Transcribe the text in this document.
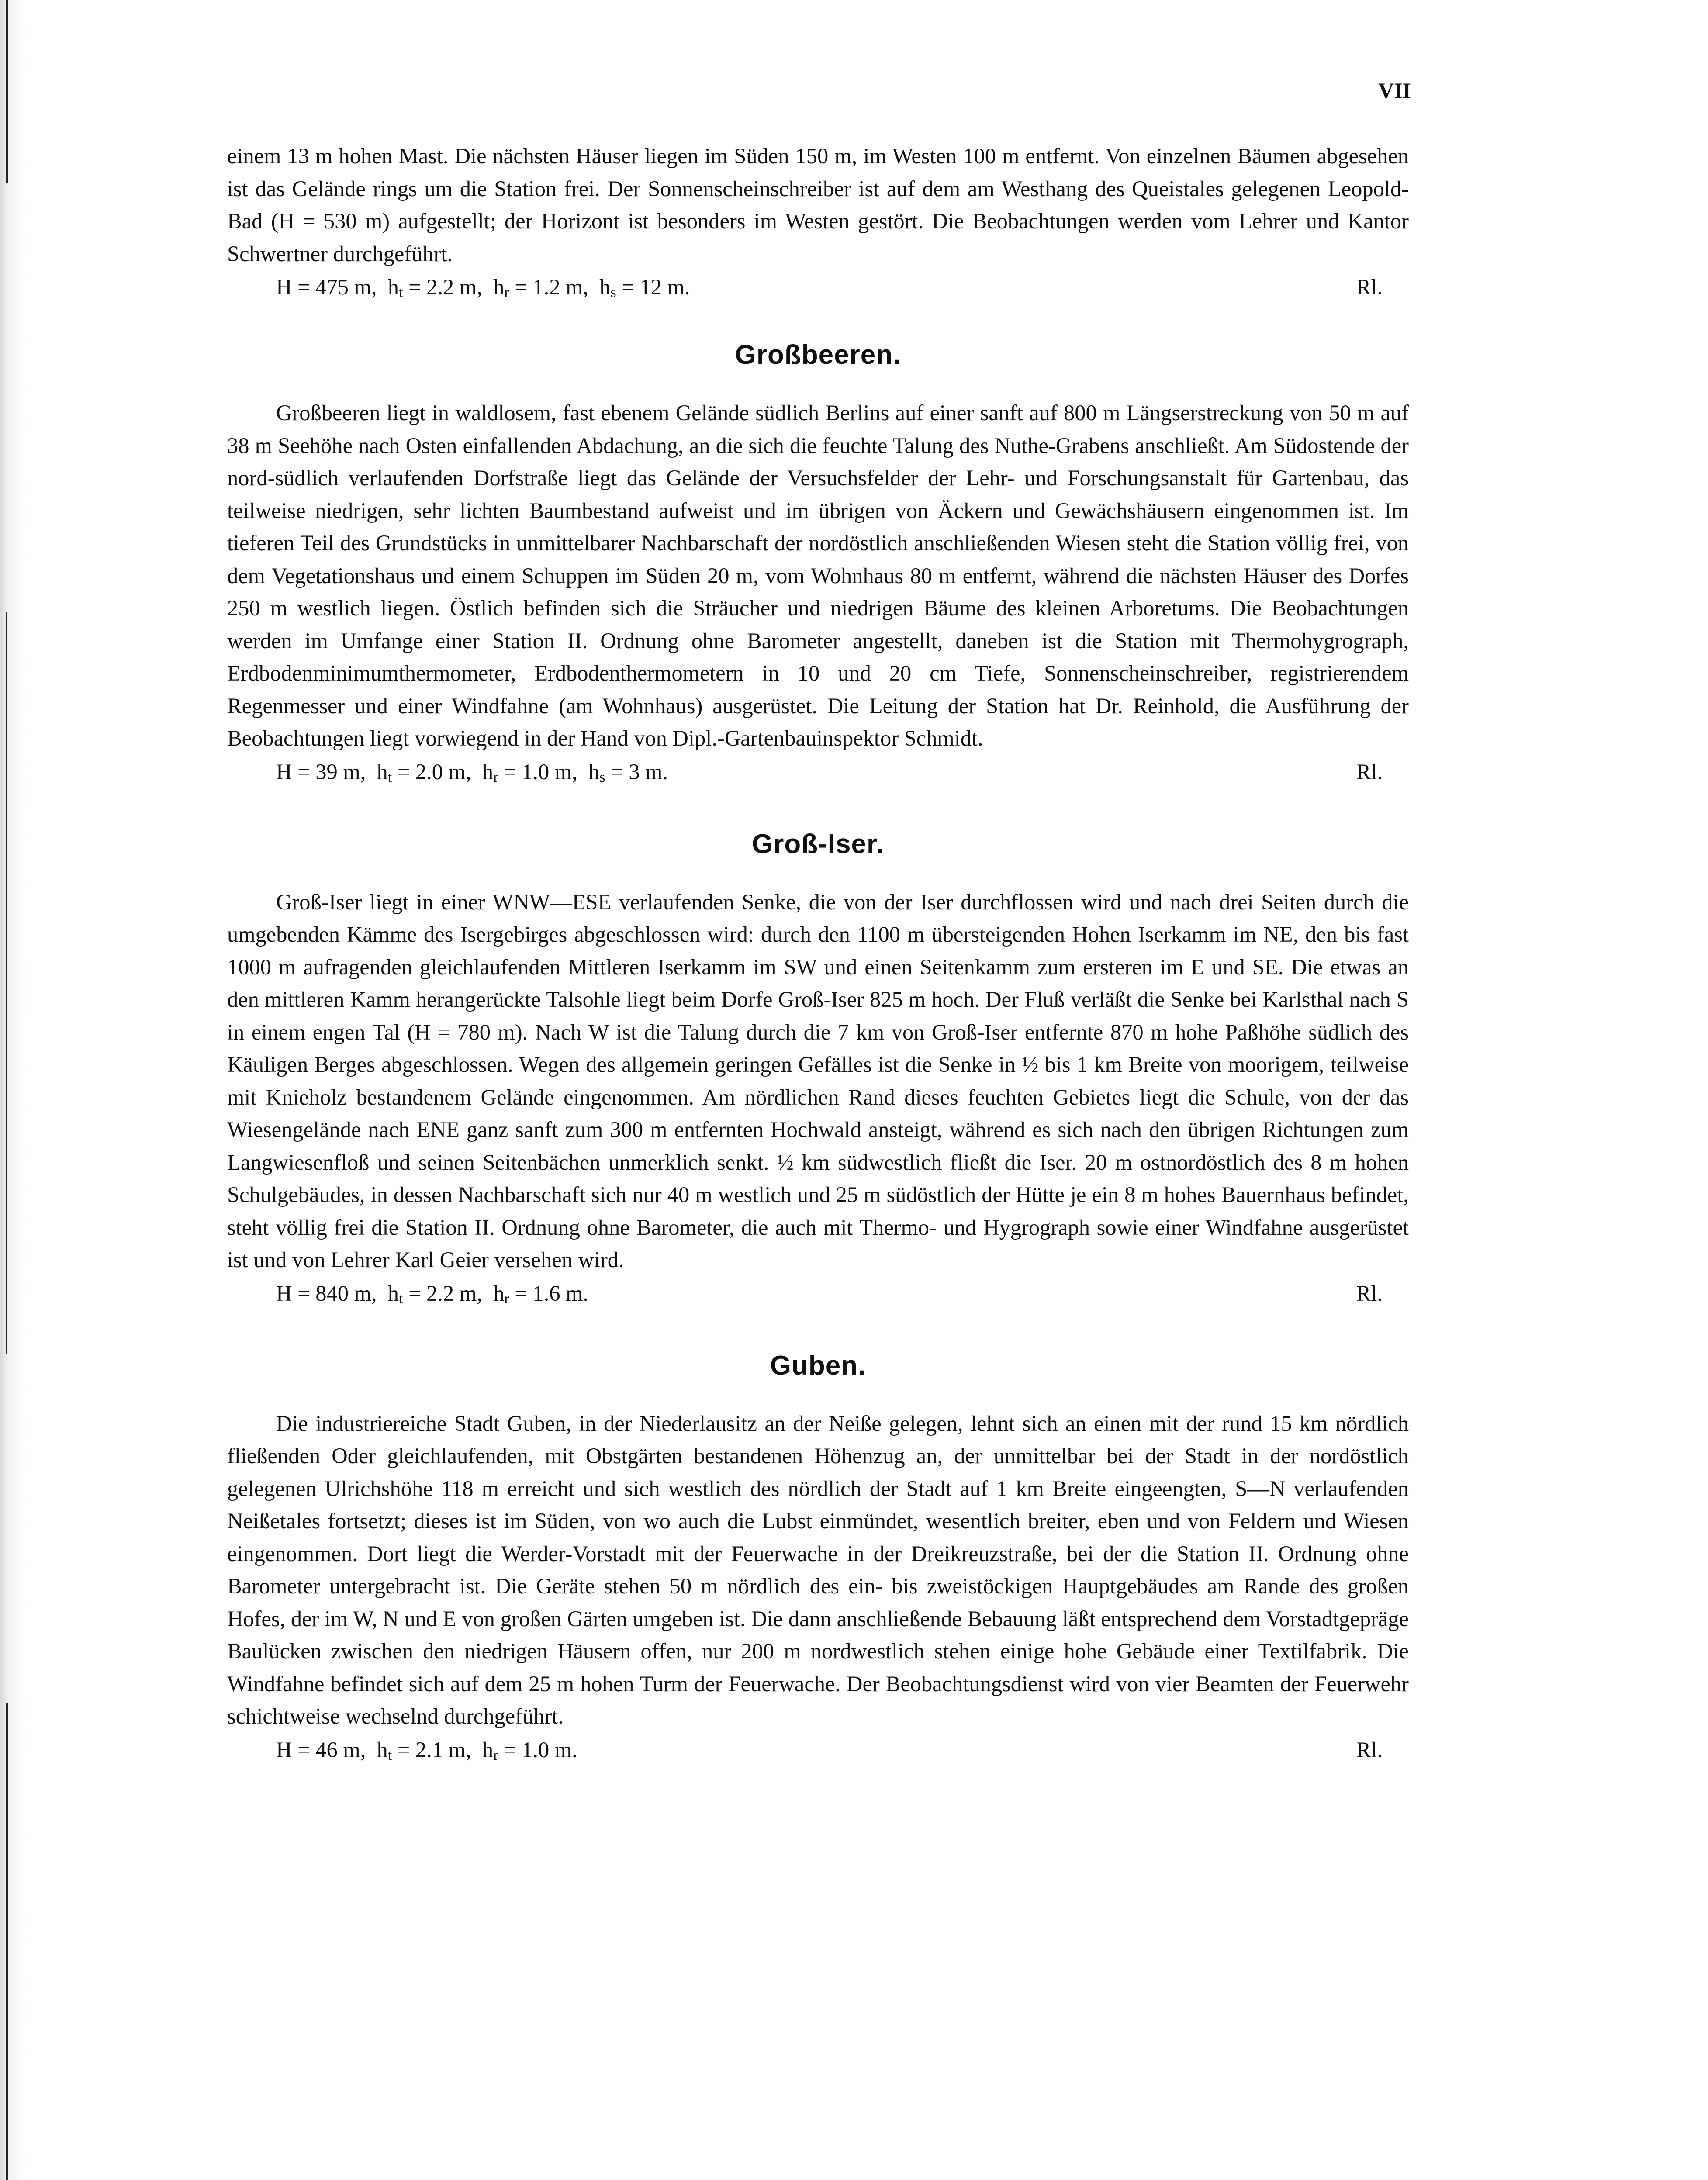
VII

einem 13 m hohen Mast. Die nächsten Häuser liegen im Süden 150 m, im Westen 100 m entfernt. Von einzelnen Bäumen abgesehen ist das Gelände rings um die Station frei. Der Sonnenscheinschreiber ist auf dem am Westhang des Queistales gelegenen Leopold-Bad (H = 530 m) aufgestellt; der Horizont ist besonders im Westen gestört. Die Beobachtungen werden vom Lehrer und Kantor Schwertner durchgeführt.

H = 475 m, $h_t = 2.2$ m, $h_r = 1.2$ m, $h_s = 12$ m.	Rl.
Großbeeren.

Großbeeren liegt in waldlosem, fast ebenem Gelände südlich Berlins auf einer sanft auf 800 m Längserstreckung von 50 m auf 38 m Seehöhe nach Osten einfallenden Abdachung, an die sich die feuchte Talung des Nuthe-Grabens anschließt. Am Südostende der nord-südlich verlaufenden Dorfstraße liegt das Gelände der Versuchsfelder der Lehr- und Forschungsanstalt für Gartenbau, das teilweise niedrigen, sehr lichten Baumbestand aufweist und im übrigen von Äckern und Gewächshäusern eingenommen ist. Im tieferen Teil des Grundstücks in unmittelbarer Nachbarschaft der nordöstlich anschließenden Wiesen steht die Station völlig frei, von dem Vegetationshaus und einem Schuppen im Süden 20 m, vom Wohnhaus 80 m entfernt, während die nächsten Häuser des Dorfes 250 m westlich liegen. Östlich befinden sich die Sträucher und niedrigen Bäume des kleinen Arboretums. Die Beobachtungen werden im Umfange einer Station II. Ordnung ohne Barometer angestellt, daneben ist die Station mit Thermohygrograph, Erdbodenminimumthermometer, Erdbodenthermometern in 10 und 20 cm Tiefe, Sonnenscheinschreiber, registrierendem Regenmesser und einer Windfahne (am Wohnhaus) ausgerüstet. Die Leitung der Station hat Dr. Reinhold, die Ausführung der Beobachtungen liegt vorwiegend in der Hand von Dipl.-Gartenbauinspektor Schmidt.

H = 39 m, $h_t = 2.0$ m, $h_r = 1.0$ m, $h_s = 3$ m.	Rl.
Groß-Iser.

Groß-Iser liegt in einer WNW—ESE verlaufenden Senke, die von der Iser durchflossen wird und nach drei Seiten durch die umgebenden Kämme des Isergebirges abgeschlossen wird: durch den 1100 m übersteigenden Hohen Iserkamm im NE, den bis fast 1000 m aufragenden gleichlaufenden Mittleren Iserkamm im SW und einen Seitenkamm zum ersteren im E und SE. Die etwas an den mittleren Kamm herangerückte Talsohle liegt beim Dorfe Groß-Iser 825 m hoch. Der Fluß verläßt die Senke bei Karlsthal nach S in einem engen Tal (H = 780 m). Nach W ist die Talung durch die 7 km von Groß-Iser entfernte 870 m hohe Paßhöhe südlich des Käuligen Berges abgeschlossen. Wegen des allgemein geringen Gefälles ist die Senke in ½ bis 1 km Breite von moorigem, teilweise mit Knieholz bestandenem Gelände eingenommen. Am nördlichen Rand dieses feuchten Gebietes liegt die Schule, von der das Wiesengelände nach ENE ganz sanft zum 300 m entfernten Hochwald ansteigt, während es sich nach den übrigen Richtungen zum Langwiesenfloß und seinen Seitenbächen unmerklich senkt. ½ km südwestlich fließt die Iser. 20 m ostnordöstlich des 8 m hohen Schulgebäudes, in dessen Nachbarschaft sich nur 40 m westlich und 25 m südöstlich der Hütte je ein 8 m hohes Bauernhaus befindet, steht völlig frei die Station II. Ordnung ohne Barometer, die auch mit Thermo- und Hygrograph sowie einer Windfahne ausgerüstet ist und von Lehrer Karl Geier versehen wird.

H = 840 m, $h_t = 2.2$ m, $h_r = 1.6$ m.	Rl.
Guben.

Die industriereiche Stadt Guben, in der Niederlausitz an der Neiße gelegen, lehnt sich an einen mit der rund 15 km nördlich fließenden Oder gleichlaufenden, mit Obstgärten bestandenen Höhenzug an, der unmittelbar bei der Stadt in der nordöstlich gelegenen Ulrichshöhe 118 m erreicht und sich westlich des nördlich der Stadt auf 1 km Breite eingeengten, S—N verlaufenden Neißetales fortsetzt; dieses ist im Süden, von wo auch die Lubst einmündet, wesentlich breiter, eben und von Feldern und Wiesen eingenommen. Dort liegt die Werder-Vorstadt mit der Feuerwache in der Dreikreuzstraße, bei der die Station II. Ordnung ohne Barometer untergebracht ist. Die Geräte stehen 50 m nördlich des ein- bis zweistöckigen Hauptgebäudes am Rande des großen Hofes, der im W, N und E von großen Gärten umgeben ist. Die dann anschließende Bebauung läßt entsprechend dem Vorstadtgepräge Baulücken zwischen den niedrigen Häusern offen, nur 200 m nordwestlich stehen einige hohe Gebäude einer Textilfabrik. Die Windfahne befindet sich auf dem 25 m hohen Turm der Feuerwache. Der Beobachtungsdienst wird von vier Beamten der Feuerwehr schichtweise wechselnd durchgeführt.

H = 46 m, $h_t = 2.1$ m, $h_r = 1.0$ m.	Rl.
